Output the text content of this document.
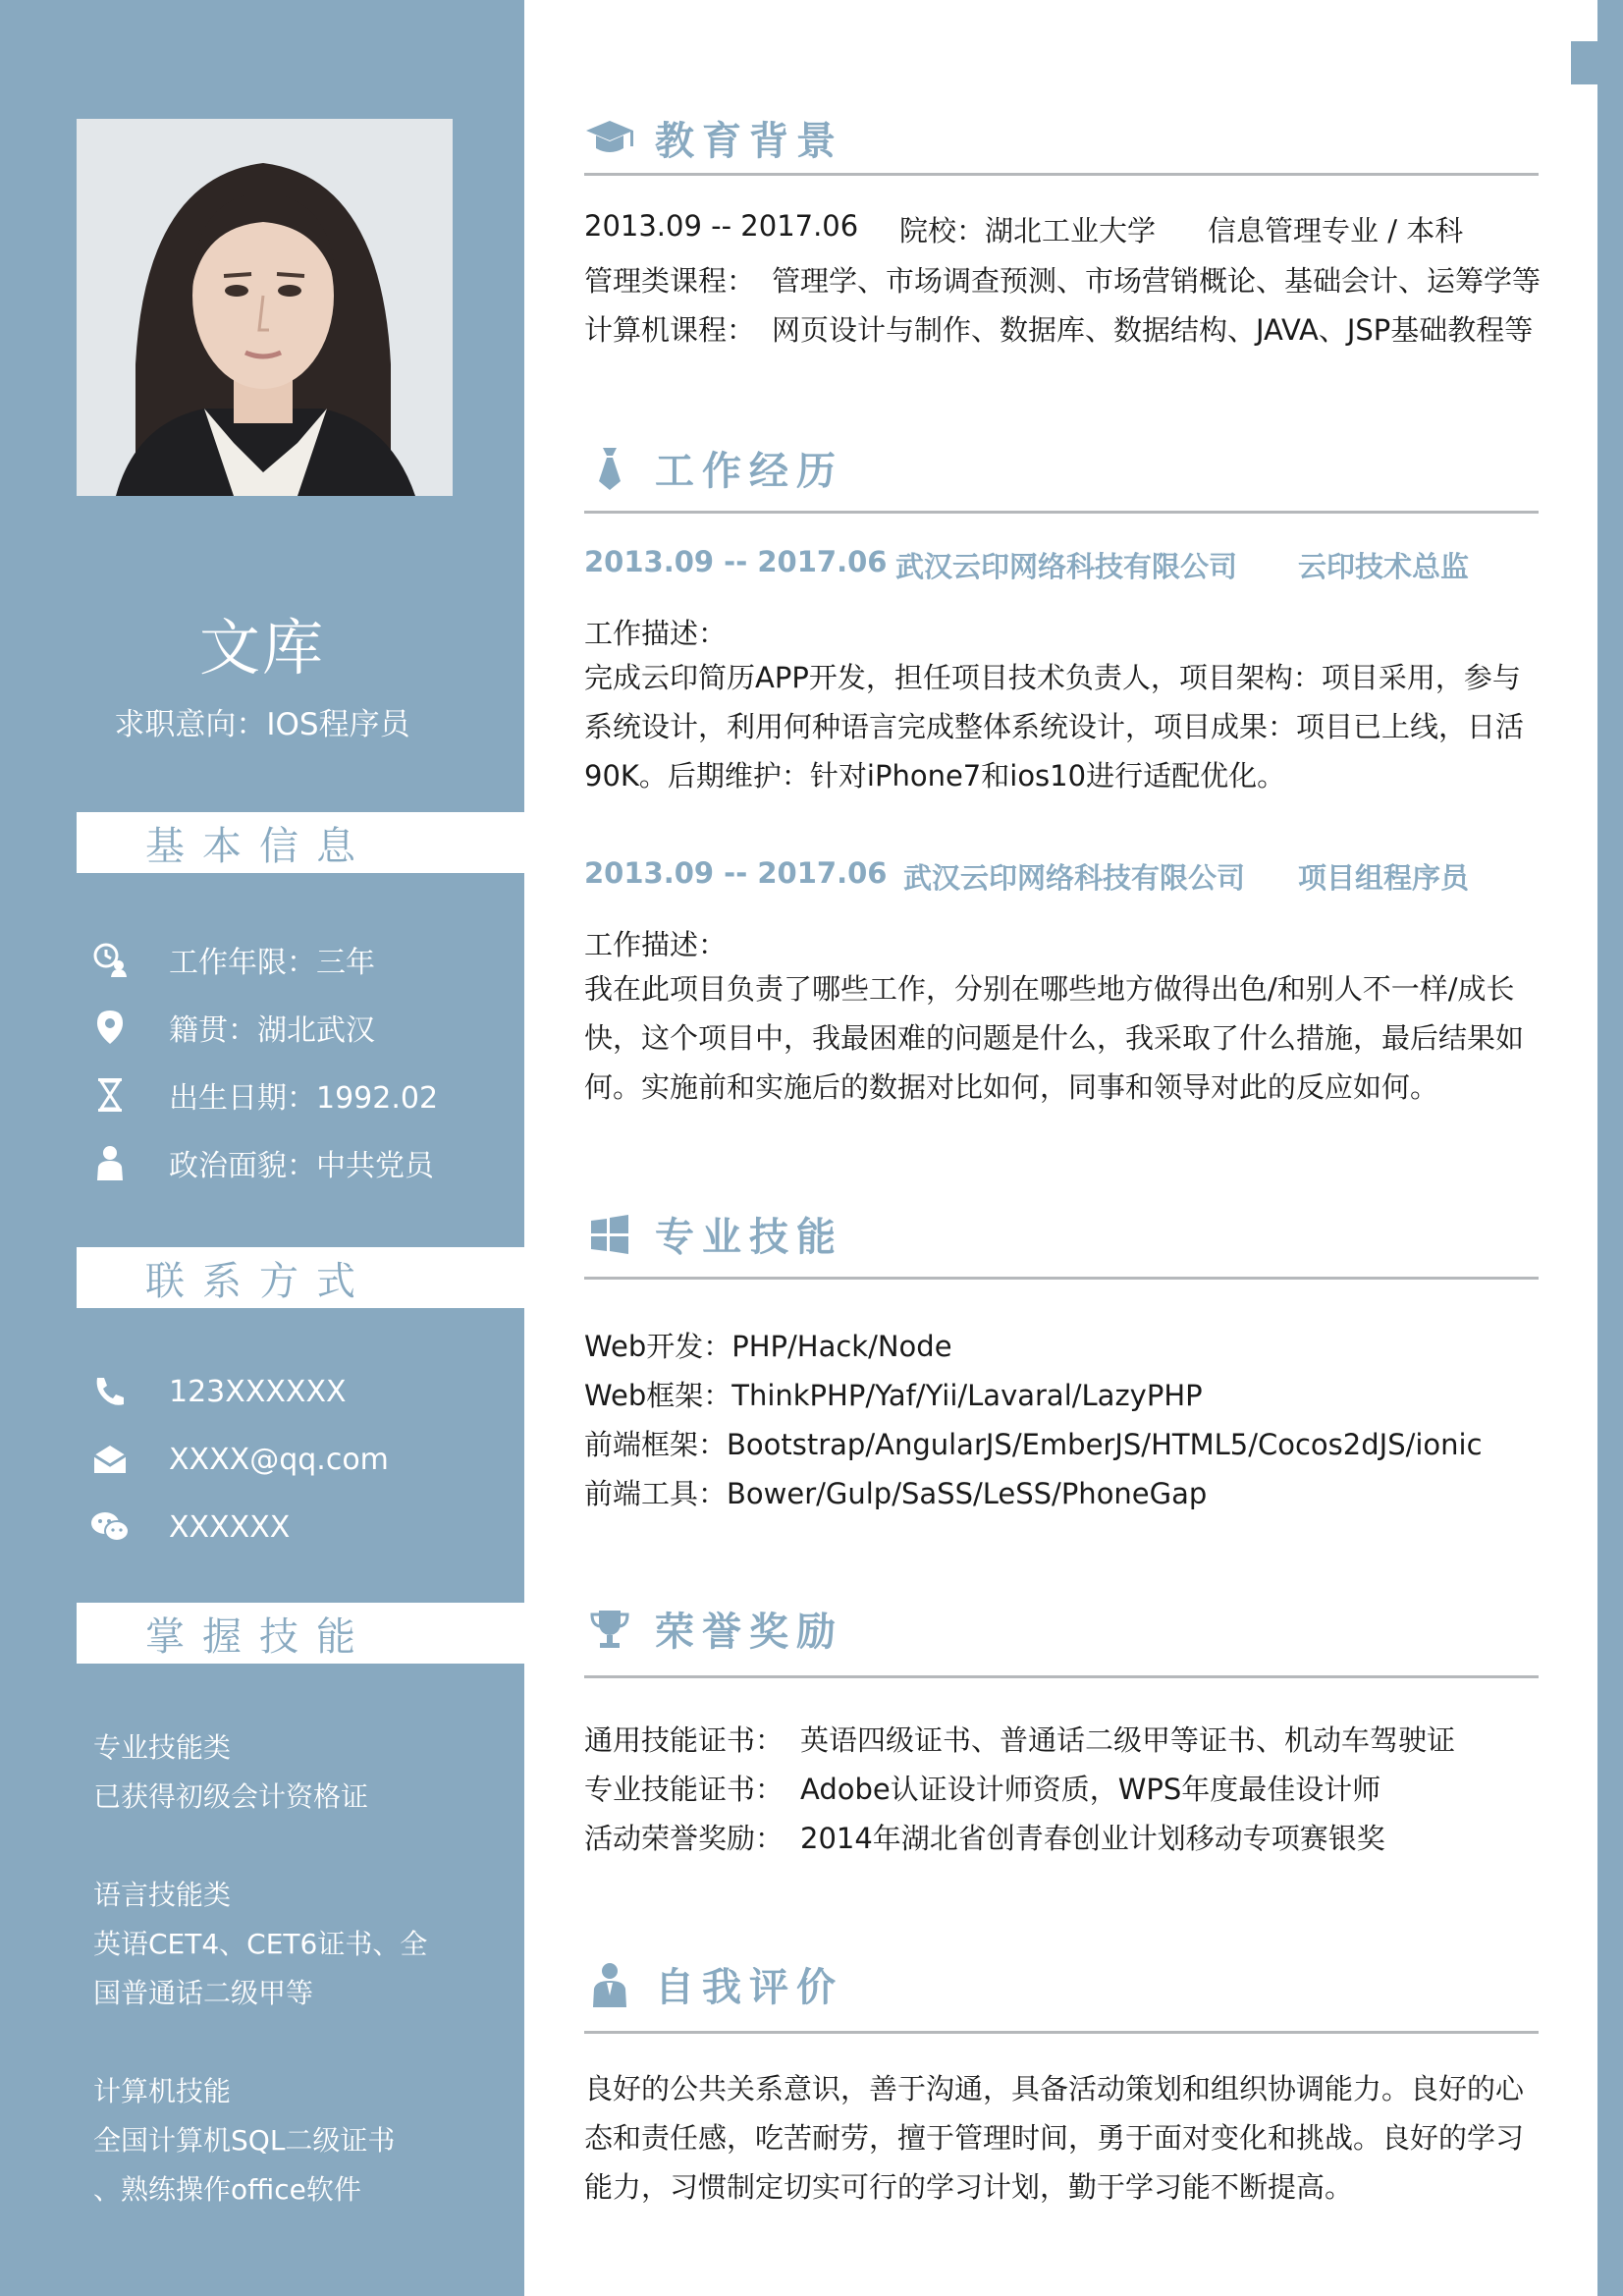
文库
求职意向：IOS程序员
基本信息
工作年限：三年
籍贯：湖北武汉
出生日期：1992.02
政治面貌：中共党员
联系方式
123XXXXXX
XXXX@qq.com
XXXXXX
掌握技能
专业技能类
已获得初级会计资格证
语言技能类
英语CET4、CET6证书、全
国普通话二级甲等
计算机技能
全国计算机SQL二级证书
、熟练操作office软件
教育背景
2013.09 -- 2017.06 院校：湖北工业大学 信息管理专业 / 本科
管理类课程： 管理学、市场调查预测、市场营销概论、基础会计、运筹学等
计算机课程： 网页设计与制作、数据库、数据结构、JAVA、JSP基础教程等
工作经历
2013.09 -- 2017.06 武汉云印网络科技有限公司 云印技术总监
工作描述：
完成云印简历APP开发，担任项目技术负责人，项目架构：项目采用，参与系统设计，利用何种语言完成整体系统设计，项目成果：项目已上线，日活90K。后期维护：针对iPhone7和ios10进行适配优化。
2013.09 -- 2017.06 武汉云印网络科技有限公司 项目组程序员
工作描述：
我在此项目负责了哪些工作，分别在哪些地方做得出色/和别人不一样/成长快，这个项目中，我最困难的问题是什么，我采取了什么措施，最后结果如何。实施前和实施后的数据对比如何，同事和领导对此的反应如何。
专业技能
Web开发：PHP/Hack/Node
Web框架：ThinkPHP/Yaf/Yii/Lavaral/LazyPHP
前端框架：Bootstrap/AngularJS/EmberJS/HTML5/Cocos2dJS/ionic
前端工具：Bower/Gulp/SaSS/LeSS/PhoneGap
荣誉奖励
通用技能证书： 英语四级证书、普通话二级甲等证书、机动车驾驶证
专业技能证书： Adobe认证设计师资质，WPS年度最佳设计师
活动荣誉奖励： 2014年湖北省创青春创业计划移动专项赛银奖
自我评价
良好的公共关系意识，善于沟通，具备活动策划和组织协调能力。良好的心态和责任感，吃苦耐劳，擅于管理时间，勇于面对变化和挑战。良好的学习能力，习惯制定切实可行的学习计划，勤于学习能不断提高。
